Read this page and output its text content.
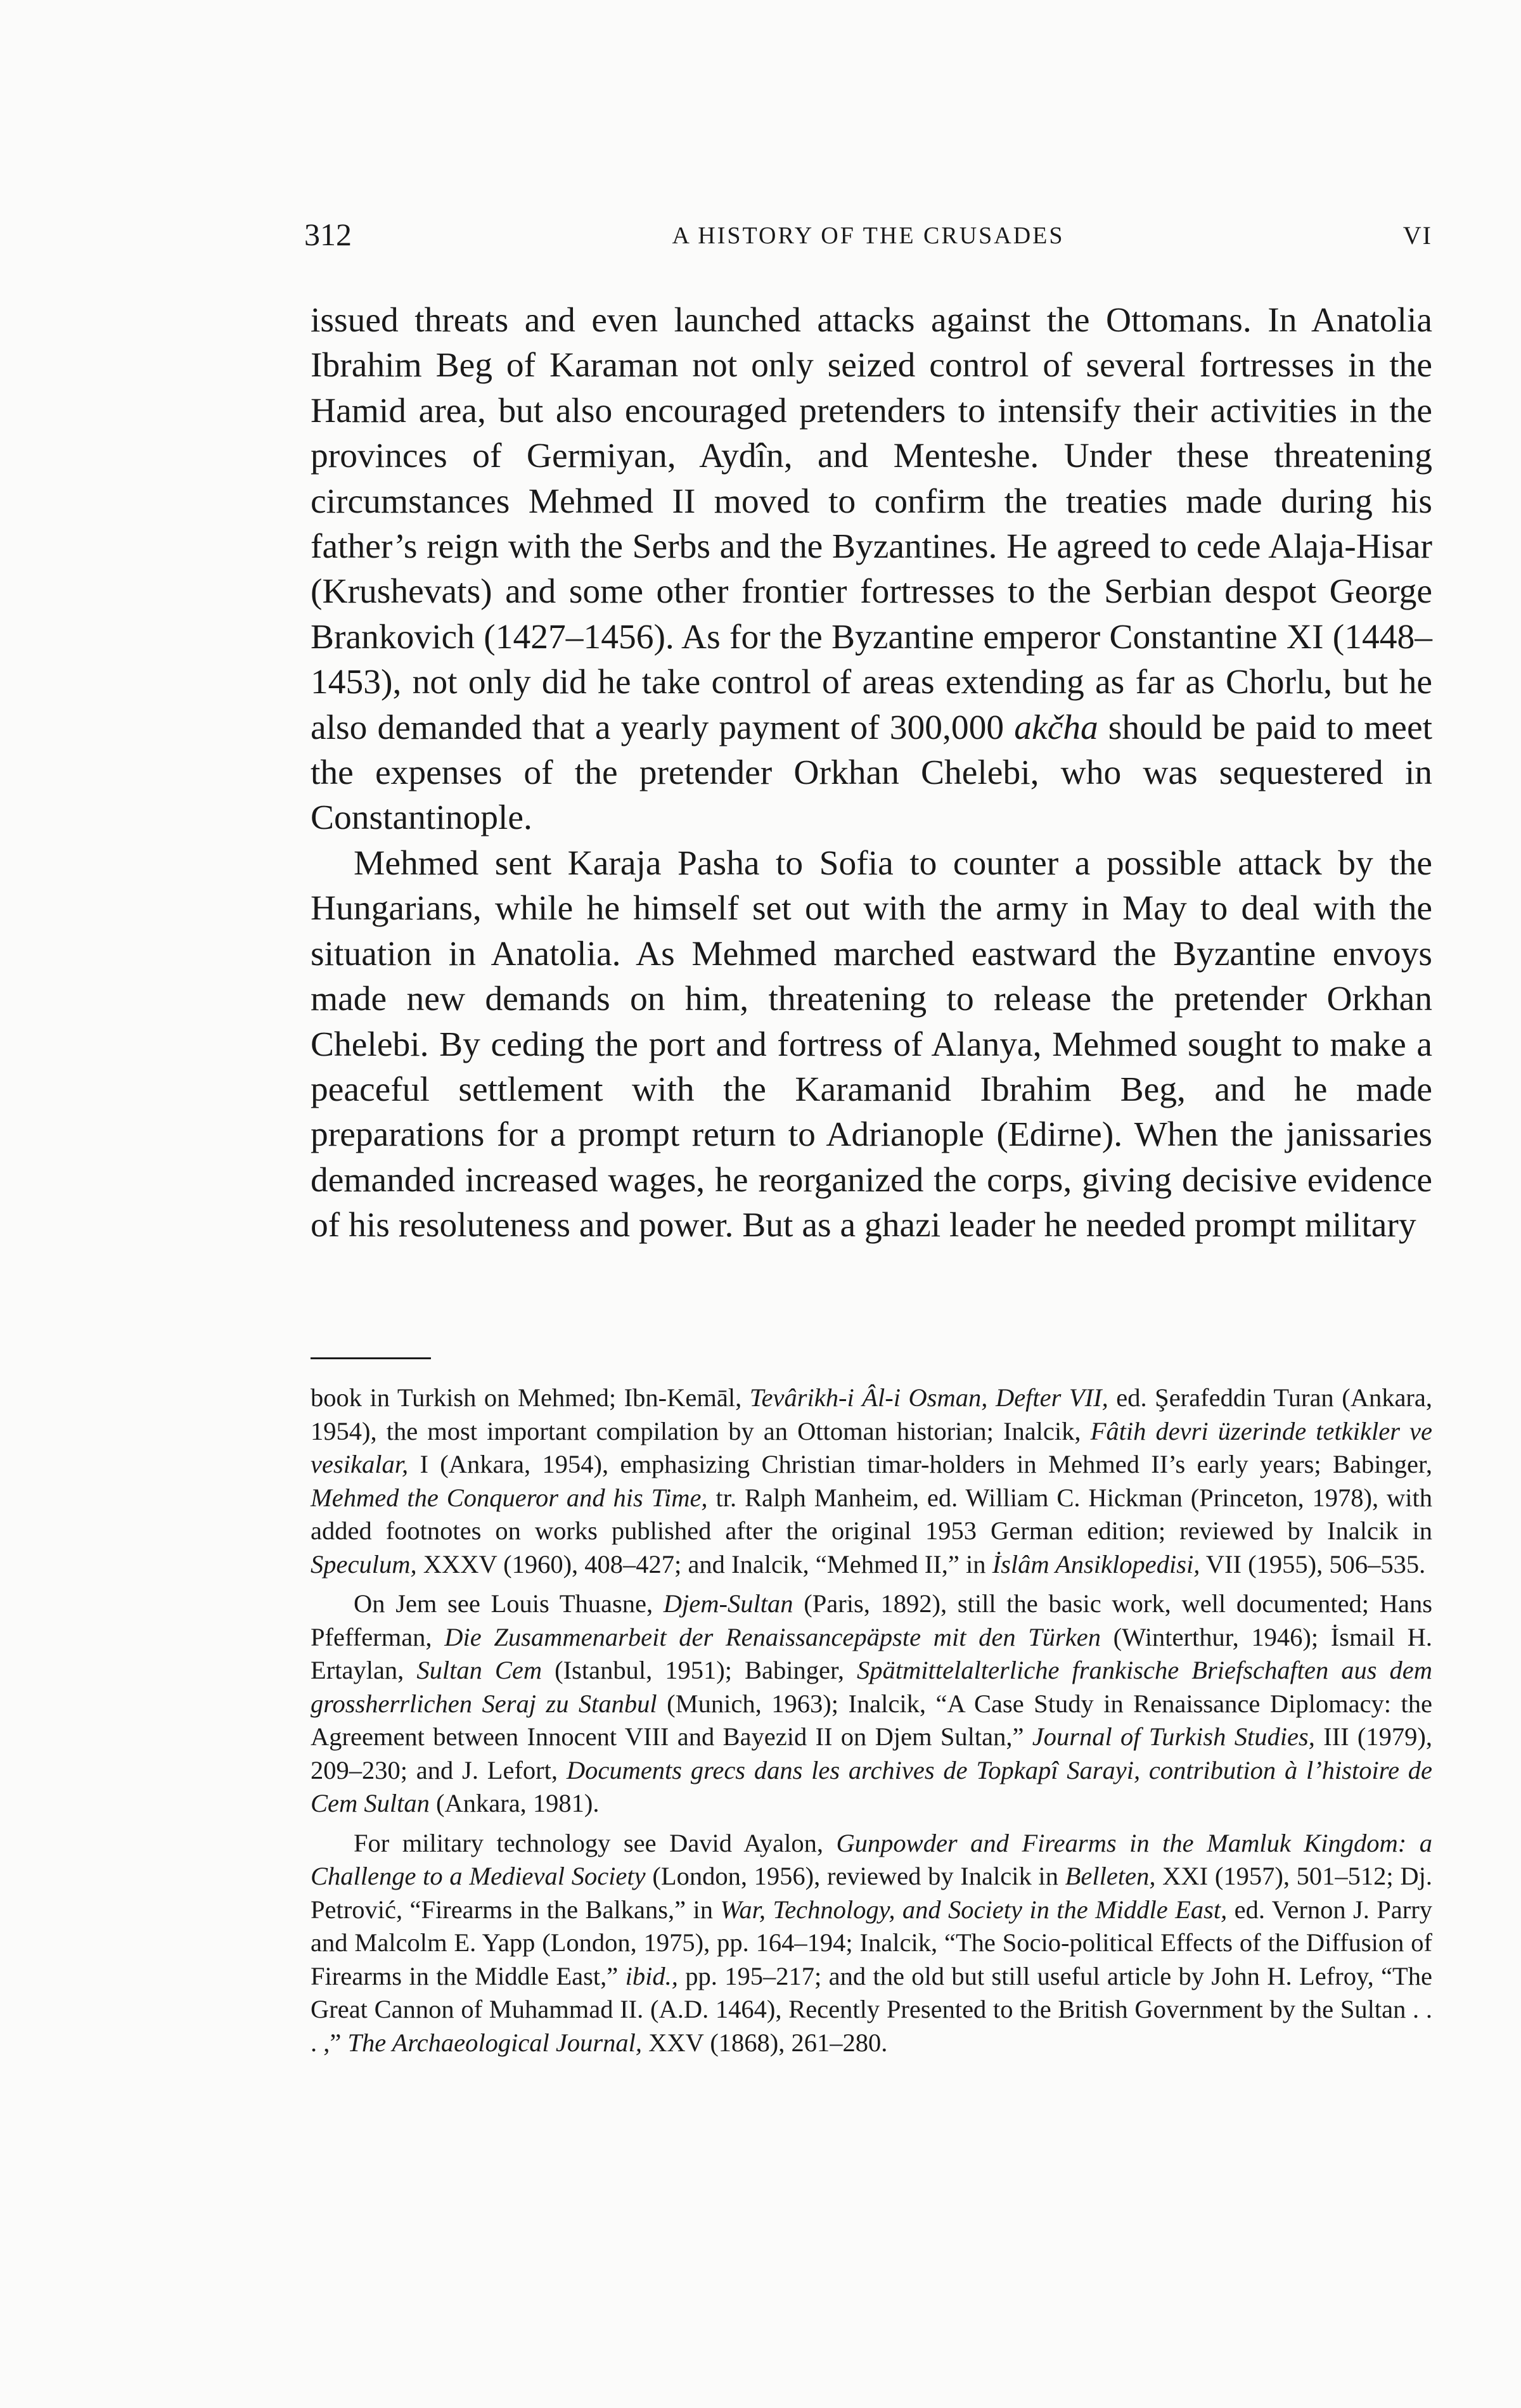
312	A HISTORY OF THE CRUSADES	VI

issued threats and even launched attacks against the Ottomans. In Anatolia Ibrahim Beg of Karaman not only seized control of several fortresses in the Hamid area, but also encouraged pretenders to intensify their activities in the provinces of Germiyan, Aydîn, and Menteshe. Under these threatening circumstances Mehmed II moved to confirm the treaties made during his father’s reign with the Serbs and the Byzantines. He agreed to cede Alaja-Hisar (Krushevats) and some other frontier fortresses to the Serbian despot George Brankovich (1427–1456). As for the Byzantine emperor Constantine XI (1448–1453), not only did he take control of areas extending as far as Chorlu, but he also demanded that a yearly payment of 300,000 akčha should be paid to meet the expenses of the pretender Orkhan Chelebi, who was sequestered in Constantinople.

Mehmed sent Karaja Pasha to Sofia to counter a possible attack by the Hungarians, while he himself set out with the army in May to deal with the situation in Anatolia. As Mehmed marched eastward the Byzantine envoys made new demands on him, threatening to release the pretender Orkhan Chelebi. By ceding the port and fortress of Alanya, Mehmed sought to make a peaceful settlement with the Karamanid Ibrahim Beg, and he made preparations for a prompt return to Adrianople (Edirne). When the janissaries demanded increased wages, he reorganized the corps, giving decisive evidence of his resoluteness and power. But as a ghazi leader he needed prompt military

book in Turkish on Mehmed; Ibn-Kemāl, Tevârikh-i Âl-i Osman, Defter VII, ed. Şerafeddin Turan (Ankara, 1954), the most important compilation by an Ottoman historian; Inalcik, Fâtih devri üzerinde tetkikler ve vesikalar, I (Ankara, 1954), emphasizing Christian timar-holders in Mehmed II’s early years; Babinger, Mehmed the Conqueror and his Time, tr. Ralph Manheim, ed. William C. Hickman (Princeton, 1978), with added footnotes on works published after the original 1953 German edition; reviewed by Inalcik in Speculum, XXXV (1960), 408–427; and Inalcik, “Mehmed II,” in İslâm Ansiklopedisi, VII (1955), 506–535.

On Jem see Louis Thuasne, Djem-Sultan (Paris, 1892), still the basic work, well documented; Hans Pfefferman, Die Zusammenarbeit der Renaissancepäpste mit den Türken (Winterthur, 1946); İsmail H. Ertaylan, Sultan Cem (Istanbul, 1951); Babinger, Spätmittelalterliche frankische Briefschaften aus dem grossherrlichen Seraj zu Stanbul (Munich, 1963); Inalcik, “A Case Study in Renaissance Diplomacy: the Agreement between Innocent VIII and Bayezid II on Djem Sultan,” Journal of Turkish Studies, III (1979), 209–230; and J. Lefort, Documents grecs dans les archives de Topkapî Sarayi, contribution à l’histoire de Cem Sultan (Ankara, 1981).

For military technology see David Ayalon, Gunpowder and Firearms in the Mamluk Kingdom: a Challenge to a Medieval Society (London, 1956), reviewed by Inalcik in Belleten, XXI (1957), 501–512; Dj. Petrović, “Firearms in the Balkans,” in War, Technology, and Society in the Middle East, ed. Vernon J. Parry and Malcolm E. Yapp (London, 1975), pp. 164–194; Inalcik, “The Socio-political Effects of the Diffusion of Firearms in the Middle East,” ibid., pp. 195–217; and the old but still useful article by John H. Lefroy, “The Great Cannon of Muhammad II. (A.D. 1464), Recently Presented to the British Government by the Sultan . . . ,” The Archaeological Journal, XXV (1868), 261–280.
